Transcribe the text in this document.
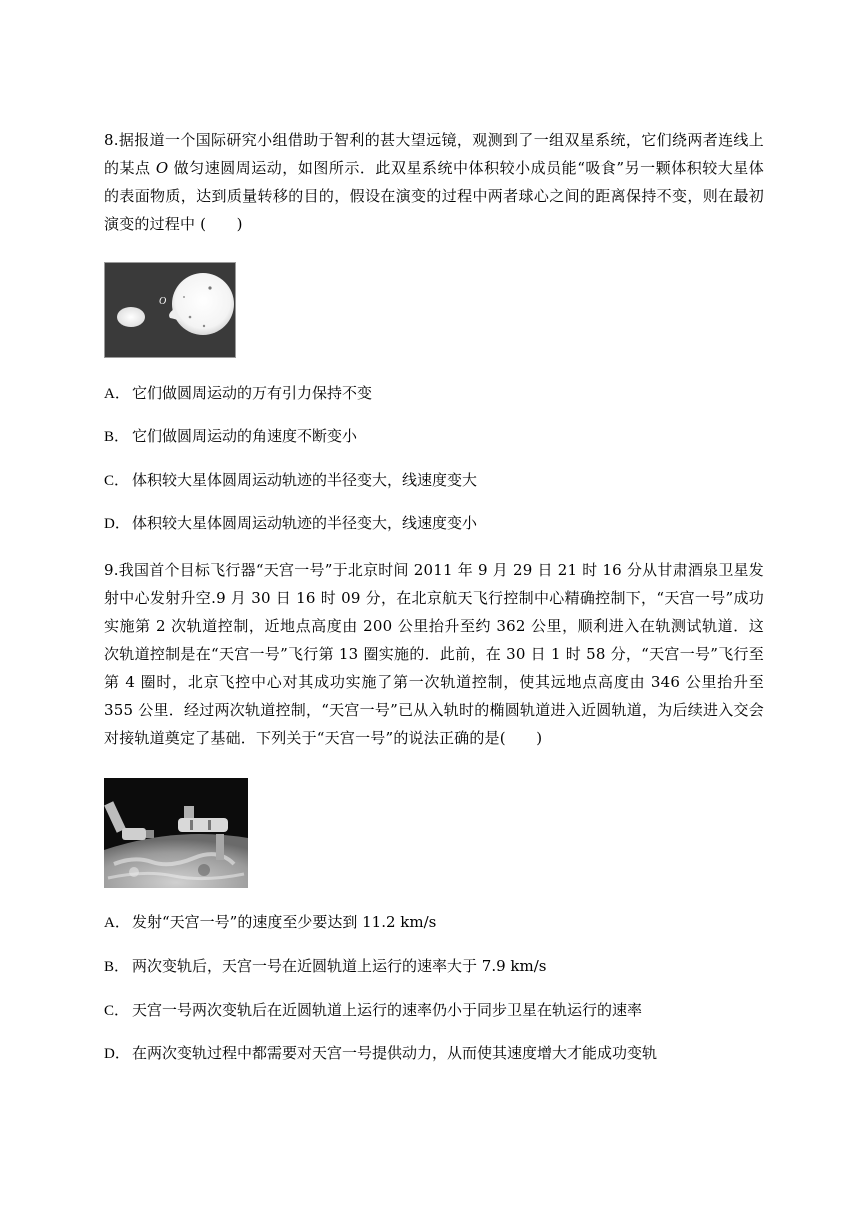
8.据报道一个国际研究小组借助于智利的甚大望远镜，观测到了一组双星系统，它们绕两者连线上的某点 O 做匀速圆周运动，如图所示．此双星系统中体积较小成员能“吸食”另一颗体积较大星体的表面物质，达到质量转移的目的，假设在演变的过程中两者球心之间的距离保持不变，则在最初演变的过程中 (　　)

O
A． 它们做圆周运动的万有引力保持不变
B． 它们做圆周运动的角速度不断变小
C． 体积较大星体圆周运动轨迹的半径变大，线速度变大
D． 体积较大星体圆周运动轨迹的半径变大，线速度变小

9.我国首个目标飞行器“天宫一号”于北京时间 2011 年 9 月 29 日 21 时 16 分从甘肃酒泉卫星发射中心发射升空.9 月 30 日 16 时 09 分，在北京航天飞行控制中心精确控制下，“天宫一号”成功实施第 2 次轨道控制，近地点高度由 200 公里抬升至约 362 公里，顺利进入在轨测试轨道．这次轨道控制是在“天宫一号”飞行第 13 圈实施的．此前，在 30 日 1 时 58 分，“天宫一号”飞行至第 4 圈时，北京飞控中心对其成功实施了第一次轨道控制，使其远地点高度由 346 公里抬升至 355 公里．经过两次轨道控制，“天宫一号”已从入轨时的椭圆轨道进入近圆轨道，为后续进入交会对接轨道奠定了基础．下列关于“天宫一号”的说法正确的是(　　)

A． 发射“天宫一号”的速度至少要达到 11.2 km/s
B． 两次变轨后，天宫一号在近圆轨道上运行的速率大于 7.9 km/s
C． 天宫一号两次变轨后在近圆轨道上运行的速率仍小于同步卫星在轨运行的速率
D． 在两次变轨过程中都需要对天宫一号提供动力，从而使其速度增大才能成功变轨
